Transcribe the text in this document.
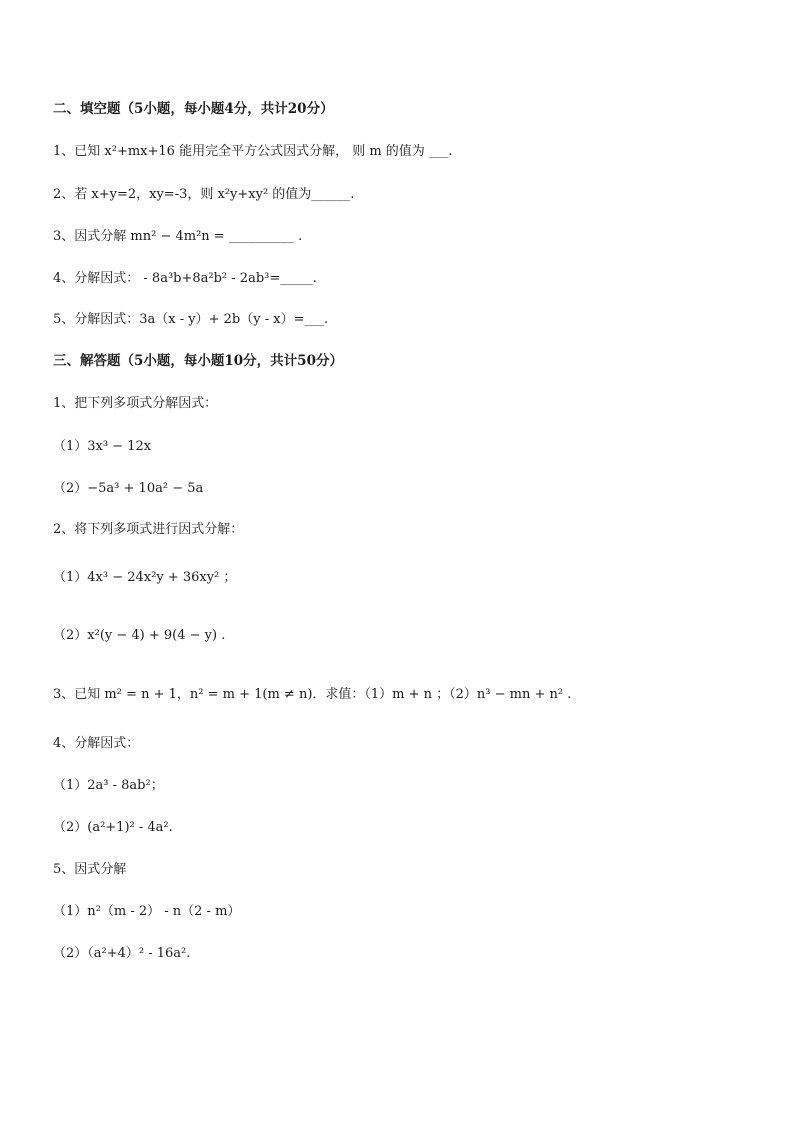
二、填空题（5小题，每小题4分，共计20分）
1、已知 x²+mx+16 能用完全平方公式因式分解， 则 m 的值为 ___.
2、若 x+y=2，xy=-3，则 x²y+xy² 的值为______.
3、因式分解 mn² − 4m²n = __________ .
4、分解因式： - 8a³b+8a²b² - 2ab³=_____.
5、分解因式：3a（x - y）+ 2b（y - x）=___.
三、解答题（5小题，每小题10分，共计50分）
1、把下列多项式分解因式：
（1）3x³ − 12x
（2）−5a³ + 10a² − 5a
2、将下列多项式进行因式分解：
（1）4x³ − 24x²y + 36xy² ；
（2）x²(y − 4) + 9(4 − y) .
3、已知 m² = n + 1，n² = m + 1(m ≠ n)．求值：（1）m + n ；（2）n³ − mn + n² .
4、分解因式：
（1）2a³ - 8ab²；
（2）(a²+1)² - 4a².
5、因式分解
（1）n²（m - 2） - n（2 - m）
（2）（a²+4）² - 16a².
